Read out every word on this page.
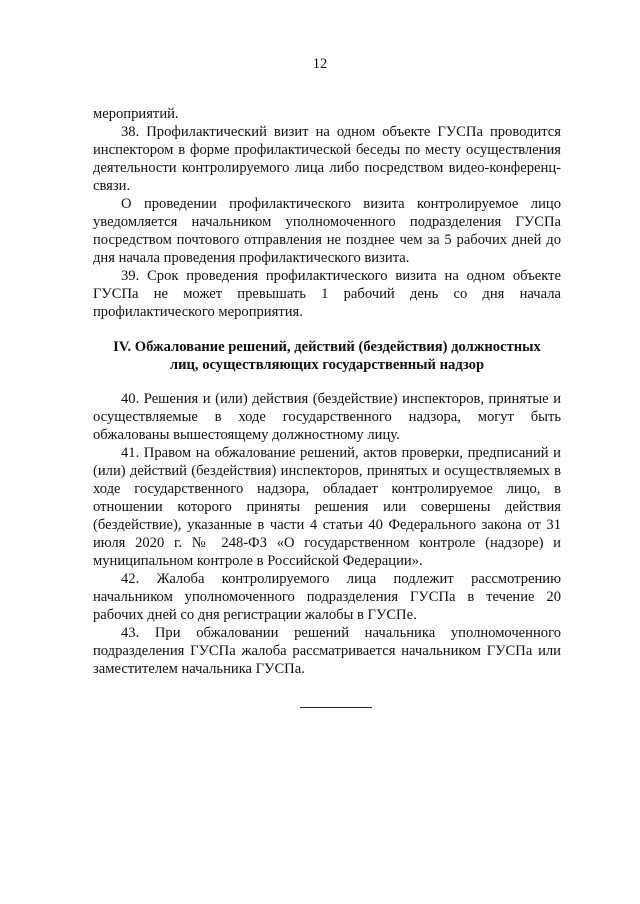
12

мероприятий.

38. Профилактический визит на одном объекте ГУСПа проводится инспектором в форме профилактической беседы по месту осуществления деятельности контролируемого лица либо посредством видео-конференц-связи.

О проведении профилактического визита контролируемое лицо уведомляется начальником уполномоченного подразделения ГУСПа посредством почтового отправления не позднее чем за 5 рабочих дней до дня начала проведения профилактического визита.

39. Срок проведения профилактического визита на одном объекте ГУСПа не может превышать 1 рабочий день со дня начала профилактического мероприятия.

IV. Обжалование решений, действий (бездействия) должностных
лиц, осуществляющих государственный надзор

40. Решения и (или) действия (бездействие) инспекторов, принятые и осуществляемые в ходе государственного надзора, могут быть обжалованы вышестоящему должностному лицу.

41. Правом на обжалование решений, актов проверки, предписаний и (или) действий (бездействия) инспекторов, принятых и осуществляемых в ходе государственного надзора, обладает контролируемое лицо, в отношении которого приняты решения или совершены действия (бездействие), указанные в части 4 статьи 40 Федерального закона от 31 июля 2020 г. № 248-ФЗ «О государственном контроле (надзоре) и муниципальном контроле в Российской Федерации».

42. Жалоба контролируемого лица подлежит рассмотрению начальником уполномоченного подразделения ГУСПа в течение 20 рабочих дней со дня регистрации жалобы в ГУСПе.

43. При обжаловании решений начальника уполномоченного подразделения ГУСПа жалоба рассматривается начальником ГУСПа или заместителем начальника ГУСПа.
